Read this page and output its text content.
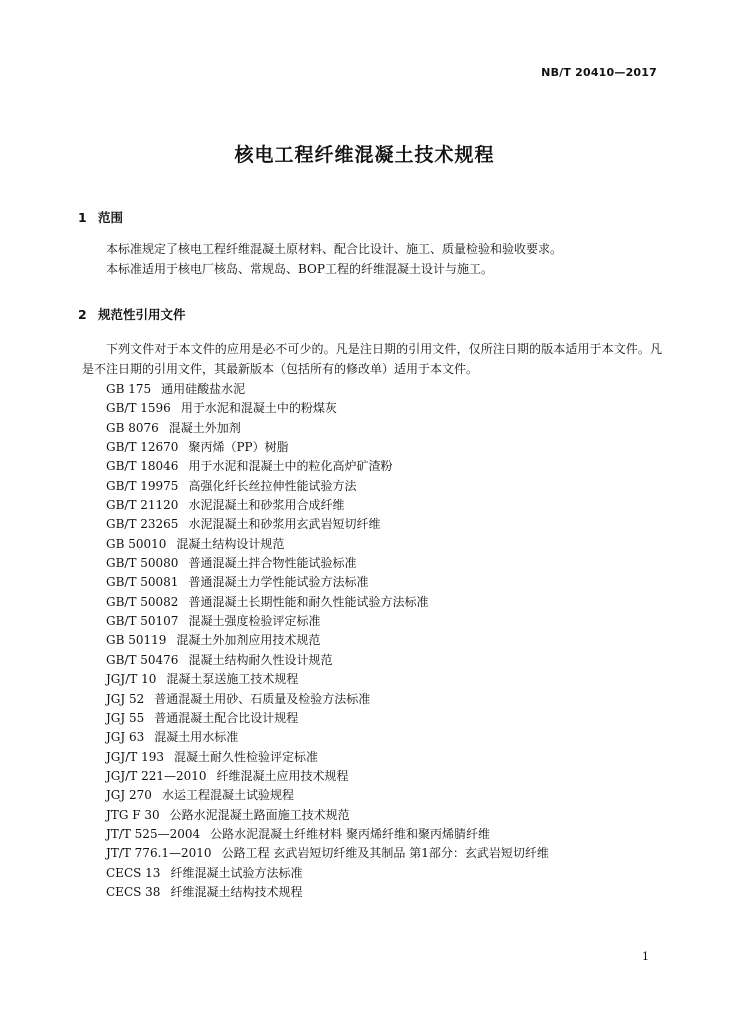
NB/T 20410—2017
核电工程纤维混凝土技术规程
1 范围

本标准规定了核电工程纤维混凝土原材料、配合比设计、施工、质量检验和验收要求。

本标准适用于核电厂核岛、常规岛、BOP工程的纤维混凝土设计与施工。

2 规范性引用文件

下列文件对于本文件的应用是必不可少的。凡是注日期的引用文件，仅所注日期的版本适用于本文件。凡是不注日期的引用文件，其最新版本（包括所有的修改单）适用于本文件。

GB 175 通用硅酸盐水泥
GB/T 1596 用于水泥和混凝土中的粉煤灰
GB 8076 混凝土外加剂
GB/T 12670 聚丙烯（PP）树脂
GB/T 18046 用于水泥和混凝土中的粒化高炉矿渣粉
GB/T 19975 高强化纤长丝拉伸性能试验方法
GB/T 21120 水泥混凝土和砂浆用合成纤维
GB/T 23265 水泥混凝土和砂浆用玄武岩短切纤维
GB 50010 混凝土结构设计规范
GB/T 50080 普通混凝土拌合物性能试验标准
GB/T 50081 普通混凝土力学性能试验方法标准
GB/T 50082 普通混凝土长期性能和耐久性能试验方法标准
GB/T 50107 混凝土强度检验评定标准
GB 50119 混凝土外加剂应用技术规范
GB/T 50476 混凝土结构耐久性设计规范
JGJ/T 10 混凝土泵送施工技术规程
JGJ 52 普通混凝土用砂、石质量及检验方法标准
JGJ 55 普通混凝土配合比设计规程
JGJ 63 混凝土用水标准
JGJ/T 193 混凝土耐久性检验评定标准
JGJ/T 221—2010 纤维混凝土应用技术规程
JGJ 270 水运工程混凝土试验规程
JTG F 30 公路水泥混凝土路面施工技术规范
JT/T 525—2004 公路水泥混凝土纤维材料 聚丙烯纤维和聚丙烯腈纤维
JT/T 776.1—2010 公路工程 玄武岩短切纤维及其制品 第1部分：玄武岩短切纤维
CECS 13 纤维混凝土试验方法标准
CECS 38 纤维混凝土结构技术规程
1
